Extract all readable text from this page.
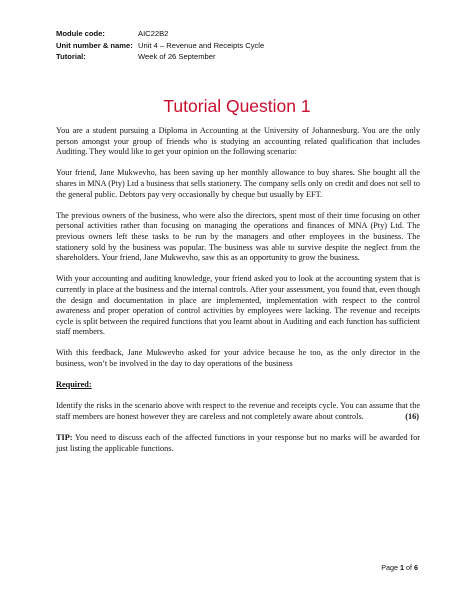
Module code:	AIC22B2
Unit number & name: Unit 4 – Revenue and Receipts Cycle
Tutorial:	Week of 26 September
Tutorial Question 1

You are a student pursuing a Diploma in Accounting at the University of Johannesburg. You are the only person amongst your group of friends who is studying an accounting related qualification that includes Auditing. They would like to get your opinion on the following scenario:

Your friend, Jane Mukwevho, has been saving up her monthly allowance to buy shares. She bought all the shares in MNA (Pty) Ltd a business that sells stationery. The company sells only on credit and does not sell to the general public. Debtors pay very occasionally by cheque but usually by EFT.

The previous owners of the business, who were also the directors, spent most of their time focusing on other personal activities rather than focusing on managing the operations and finances of MNA (Pty) Ltd. The previous owners left these tasks to be run by the managers and other employees in the business. The stationery sold by the business was popular. The business was able to survive despite the neglect from the shareholders. Your friend, Jane Mukwevho, saw this as an opportunity to grow the business.

With your accounting and auditing knowledge, your friend asked you to look at the accounting system that is currently in place at the business and the internal controls. After your assessment, you found that, even though the design and documentation in place are implemented, implementation with respect to the control awareness and proper operation of control activities by employees were lacking. The revenue and receipts cycle is split between the required functions that you learnt about in Auditing and each function has sufficient staff members.

With this feedback, Jane Mukwevho asked for your advice because he too, as the only director in the business, won’t be involved in the day to day operations of the business

Required:

Identify the risks in the scenario above with respect to the revenue and receipts cycle. You can assume that the staff members are honest however they are careless and not completely aware about controls.	(16)

TIP: You need to discuss each of the affected functions in your response but no marks will be awarded for just listing the applicable functions.

Page 1 of 6
